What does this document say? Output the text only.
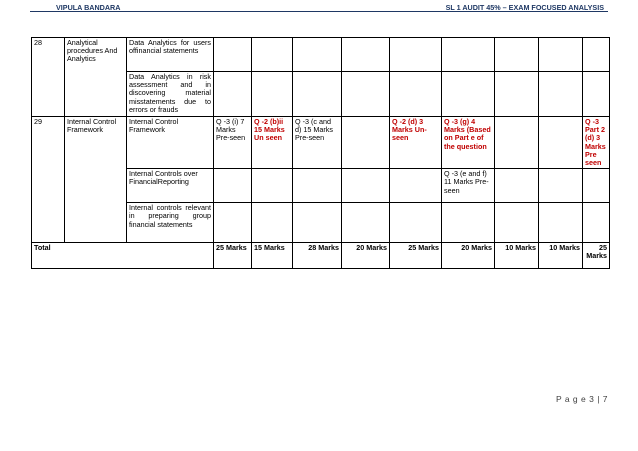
VIPULA BANDARA	SL 1 AUDIT 45% – EXAM FOCUSED ANALYSIS
28	Analytical procedures And Analytics	Data Analytics for users offinancial statements									
		Data Analytics in risk assessment and in discovering material misstatements due to errors or frauds									
29	Internal Control Framework	Internal Control Framework	Q -3 (i) 7 Marks Pre-seen	Q -2 (b)ii 15 Marks Un seen	Q -3 (c and d) 15 Marks Pre-seen		Q -2 (d) 3 Marks Un-seen	Q -3 (g) 4 Marks (Based on Part e of the question			Q -3 Part 2 (d) 3 Marks Pre seen
		Internal Controls over FinancialReporting						Q -3 (e and f) 11 Marks Pre-seen			
		Internal controls relevant in preparing group financial statements									
Total			25 Marks	15 Marks	28 Marks	20 Marks	25 Marks	20 Marks	10 Marks	10 Marks	25 Marks
P a g e 3 | 7
